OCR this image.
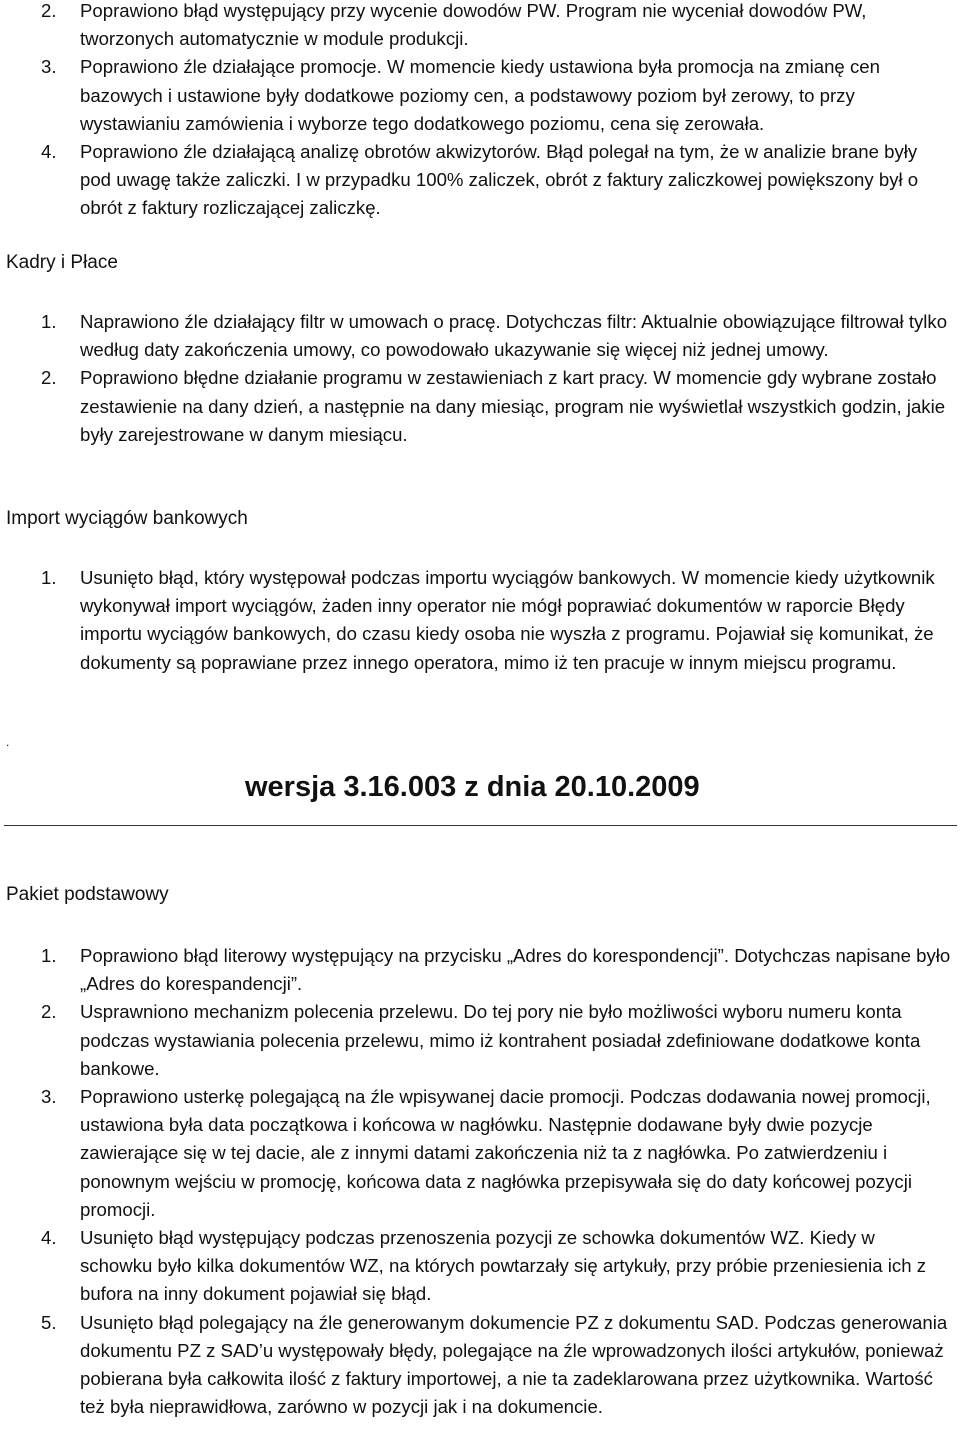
2. Poprawiono błąd występujący przy wycenie dowodów PW. Program nie wyceniał dowodów PW, tworzonych automatycznie w module produkcji.
3. Poprawiono źle działające promocje. W momencie kiedy ustawiona była promocja na zmianę cen bazowych i ustawione były dodatkowe poziomy cen, a podstawowy poziom był zerowy, to przy wystawianiu zamówienia i wyborze tego dodatkowego poziomu, cena się zerowała.
4. Poprawiono źle działającą analizę obrotów akwizytorów. Błąd polegał na tym, że w analizie brane były pod uwagę także zaliczki. I w przypadku 100% zaliczek, obrót z faktury zaliczkowej powiększony był o obrót z faktury rozliczającej zaliczkę.
Kadry i Płace
1. Naprawiono źle działający filtr w umowach o pracę. Dotychczas filtr: Aktualnie obowiązujące filtrował tylko według daty zakończenia umowy, co powodowało ukazywanie się więcej niż jednej umowy.
2. Poprawiono błędne działanie programu w zestawieniach z kart pracy. W momencie gdy wybrane zostało zestawienie na dany dzień, a następnie na dany miesiąc, program nie wyświetlał wszystkich godzin, jakie były zarejestrowane w danym miesiącu.
Import wyciągów bankowych
1. Usunięto błąd, który występował podczas importu wyciągów bankowych. W momencie kiedy użytkownik wykonywał import wyciągów, żaden inny operator nie mógł poprawiać dokumentów w raporcie Błędy importu wyciągów bankowych, do czasu kiedy osoba nie wyszła z programu. Pojawiał się komunikat, że dokumenty są poprawiane przez innego operatora, mimo iż ten pracuje w innym miejscu programu.
.
wersja 3.16.003 z dnia 20.10.2009
Pakiet podstawowy
1. Poprawiono błąd literowy występujący na przycisku „Adres do korespondencji”. Dotychczas napisane było „Adres do korespandencji”.
2. Usprawniono mechanizm polecenia przelewu. Do tej pory nie było możliwości wyboru numeru konta podczas wystawiania polecenia przelewu, mimo iż kontrahent posiadał zdefiniowane dodatkowe konta bankowe.
3. Poprawiono usterkę polegającą na źle wpisywanej dacie promocji. Podczas dodawania nowej promocji, ustawiona była data początkowa i końcowa w nagłówku. Następnie dodawane były dwie pozycje zawierające się w tej dacie, ale z innymi datami zakończenia niż ta z nagłówka. Po zatwierdzeniu i ponownym wejściu w promocję, końcowa data z nagłówka przepisywała się do daty końcowej pozycji promocji.
4. Usunięto błąd występujący podczas przenoszenia pozycji ze schowka dokumentów WZ. Kiedy w schowku było kilka dokumentów WZ, na których powtarzały się artykuły, przy próbie przeniesienia ich z bufora na inny dokument pojawiał się błąd.
5. Usunięto błąd polegający na źle generowanym dokumencie PZ z dokumentu SAD. Podczas generowania dokumentu PZ z SAD’u występowały błędy, polegające na źle wprowadzonych ilości artykułów, ponieważ pobierana była całkowita ilość z faktury importowej, a nie ta zadeklarowana przez użytkownika. Wartość też była nieprawidłowa, zarówno w pozycji jak i na dokumencie.
